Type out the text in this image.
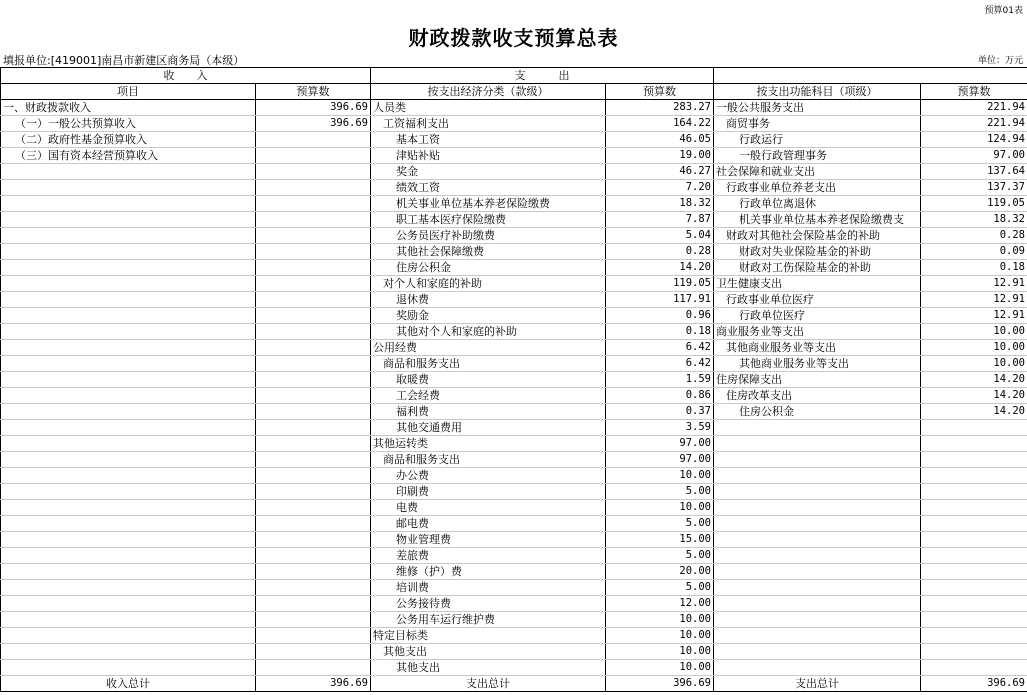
预算01表
财政拨款收支预算总表
填报单位:[419001]南昌市新建区商务局（本级）	单位：万元
收　　入		支　　　出			
项目	预算数	按支出经济分类（款级）	预算数	按支出功能科目（项级）	预算数
一、财政拨款收入	396.69	人员类	283.27	一般公共服务支出	221.94
（一）一般公共预算收入	396.69	工资福利支出	164.22	商贸事务	221.94
（二）政府性基金预算收入		基本工资	46.05	行政运行	124.94
（三）国有资本经营预算收入		津贴补贴	19.00	一般行政管理事务	97.00
		奖金	46.27	社会保障和就业支出	137.64
		绩效工资	7.20	行政事业单位养老支出	137.37
		机关事业单位基本养老保险缴费	18.32	行政单位离退休	119.05
		职工基本医疗保险缴费	7.87	机关事业单位基本养老保险缴费支	18.32
		公务员医疗补助缴费	5.04	财政对其他社会保险基金的补助	0.28
		其他社会保障缴费	0.28	财政对失业保险基金的补助	0.09
		住房公积金	14.20	财政对工伤保险基金的补助	0.18
		对个人和家庭的补助	119.05	卫生健康支出	12.91
		退休费	117.91	行政事业单位医疗	12.91
		奖励金	0.96	行政单位医疗	12.91
		其他对个人和家庭的补助	0.18	商业服务业等支出	10.00
		公用经费	6.42	其他商业服务业等支出	10.00
		商品和服务支出	6.42	其他商业服务业等支出	10.00
		取暖费	1.59	住房保障支出	14.20
		工会经费	0.86	住房改革支出	14.20
		福利费	0.37	住房公积金	14.20
		其他交通费用	3.59		
		其他运转类	97.00		
		商品和服务支出	97.00		
		办公费	10.00		
		印刷费	5.00		
		电费	10.00		
		邮电费	5.00		
		物业管理费	15.00		
		差旅费	5.00		
		维修（护）费	20.00		
		培训费	5.00		
		公务接待费	12.00		
		公务用车运行维护费	10.00		
		特定目标类	10.00		
		其他支出	10.00		
		其他支出	10.00		
收入总计	396.69	支出总计	396.69	支出总计	396.69
